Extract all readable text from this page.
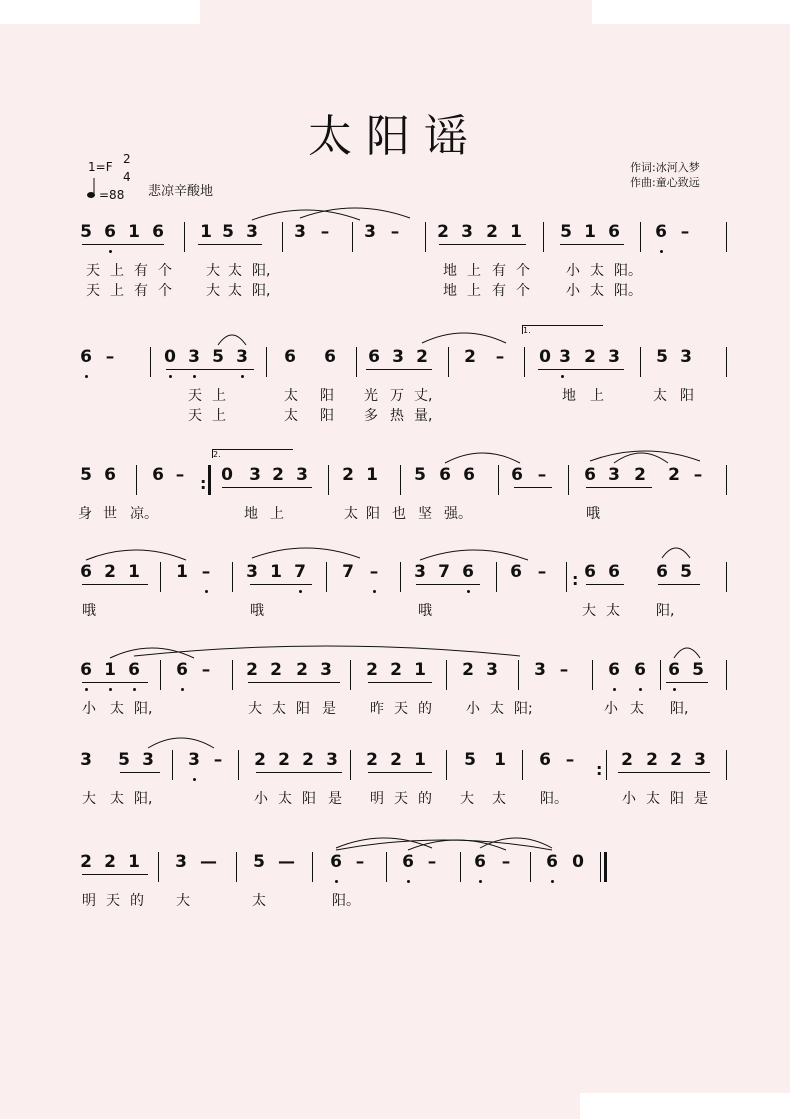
太阳谣
1=F
2
4
=88 悲凉辛酸地
作词:冰河入梦
作曲:童心致远
5 6 1 6 1 5 3 3 – 3 – 2 3 2 1 5 1 6 6 –
天 上 有 个 大 太 阳,	地 上 有 个	小 太 阳。
天 上 有 个 大 太 阳,	地 上 有 个	小 太 阳。
6 –	0 3 5 3 6 6 6 3 2 2 – 0 3 2 3 5 3
天 上	太 阳 光 万 丈,	地 上	太 阳
天 上	太 阳 多 热 量,
1.
5 6 6 – 0 3 2 3 2 1 5 6 6 6 – 6 3 2 2 –
身 世 凉。	地 上	太 阳 也 坚 强。	哦
2.
6 2 1 1 – 3 1 7 7 – 3 7 6 6 – 6 6 6 5
哦	哦	哦	大 太	阳,
6 1 6 6 – 2 2 2 3 2 2 1 2 3 3 – 6 6 6 5
小 太 阳,	大 太 阳 是 昨 天 的 小 太 阳;	小 太 阳,
3 5 3 3 – 2 2 2 3 2 2 1 5 1 6 –	2 2 2 3
大 太 阳,	小 太 阳 是 明 天 的 大 太 阳。	小 太 阳 是
2 2 1 3 — 5 — 6 – 6 – 6 – 6 0
明 天 的 大	太	阳。
:
:
:
